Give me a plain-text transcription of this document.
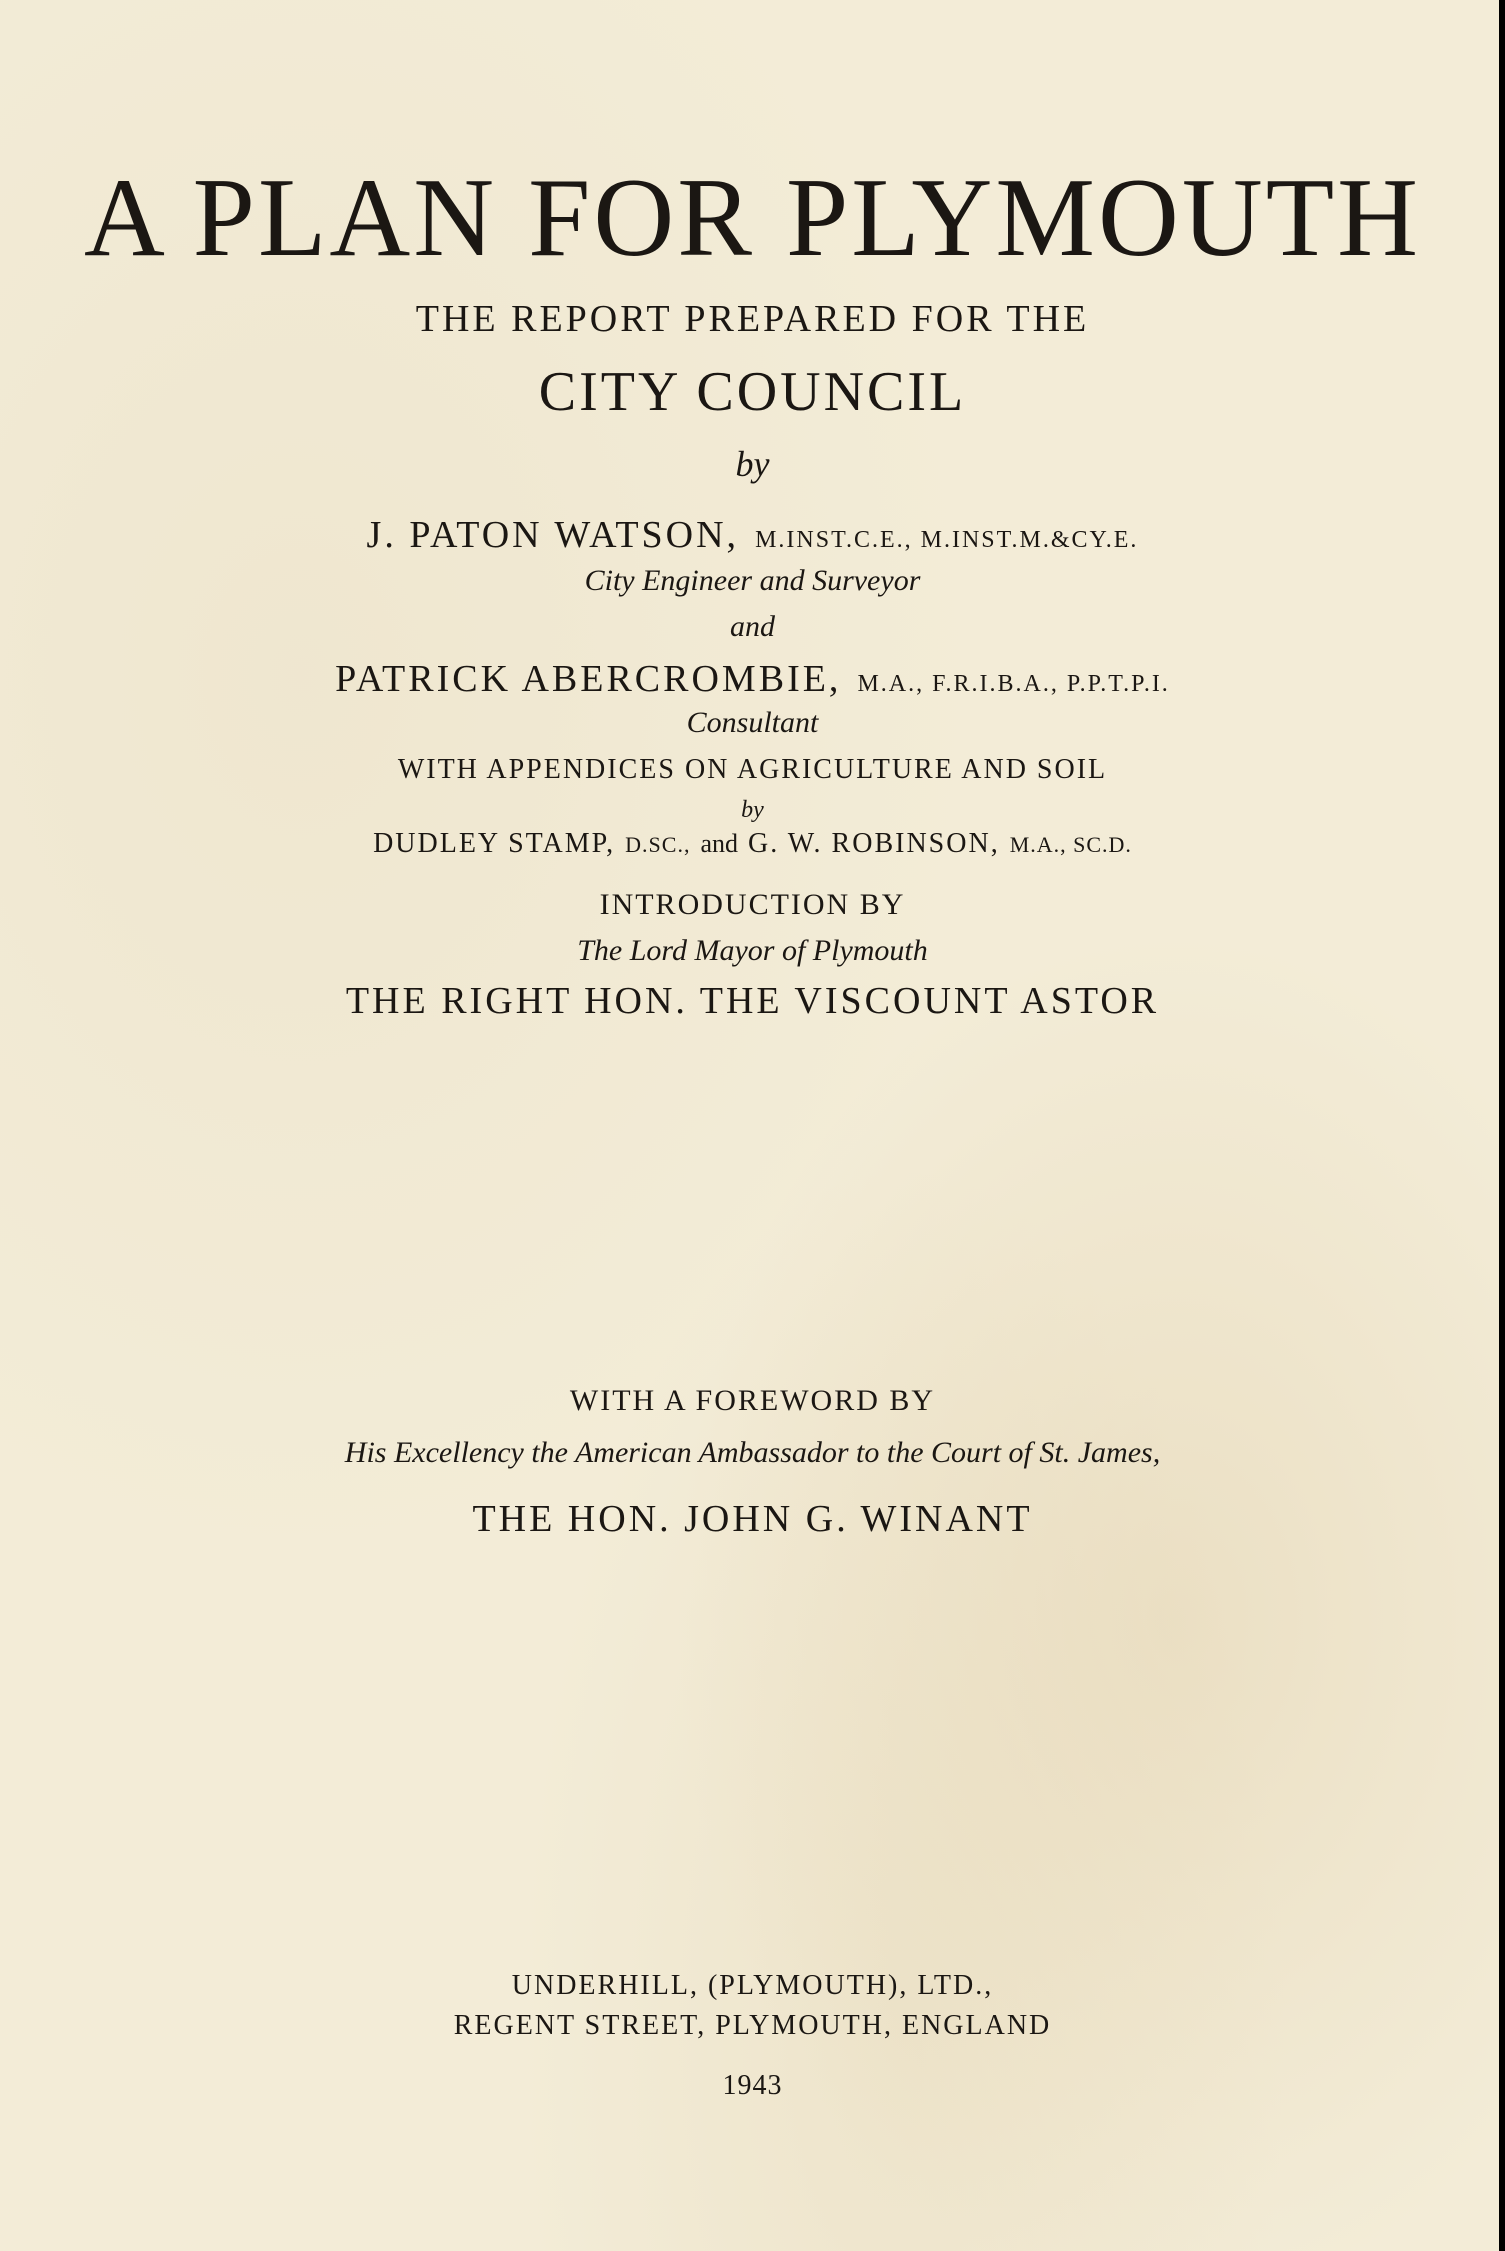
A PLAN FOR PLYMOUTH
THE REPORT PREPARED FOR THE
CITY COUNCIL
by
J. PATON WATSON, M.INST.C.E., M.INST.M.&CY.E.
City Engineer and Surveyor
and
PATRICK ABERCROMBIE, M.A., F.R.I.B.A., P.P.T.P.I.
Consultant
WITH APPENDICES ON AGRICULTURE AND SOIL
by
DUDLEY STAMP, D.SC., and G. W. ROBINSON, M.A., SC.D.
INTRODUCTION BY
The Lord Mayor of Plymouth
THE RIGHT HON. THE VISCOUNT ASTOR
WITH A FOREWORD BY
His Excellency the American Ambassador to the Court of St. James,
THE HON. JOHN G. WINANT
UNDERHILL, (PLYMOUTH), LTD.,
REGENT STREET, PLYMOUTH, ENGLAND
1943
